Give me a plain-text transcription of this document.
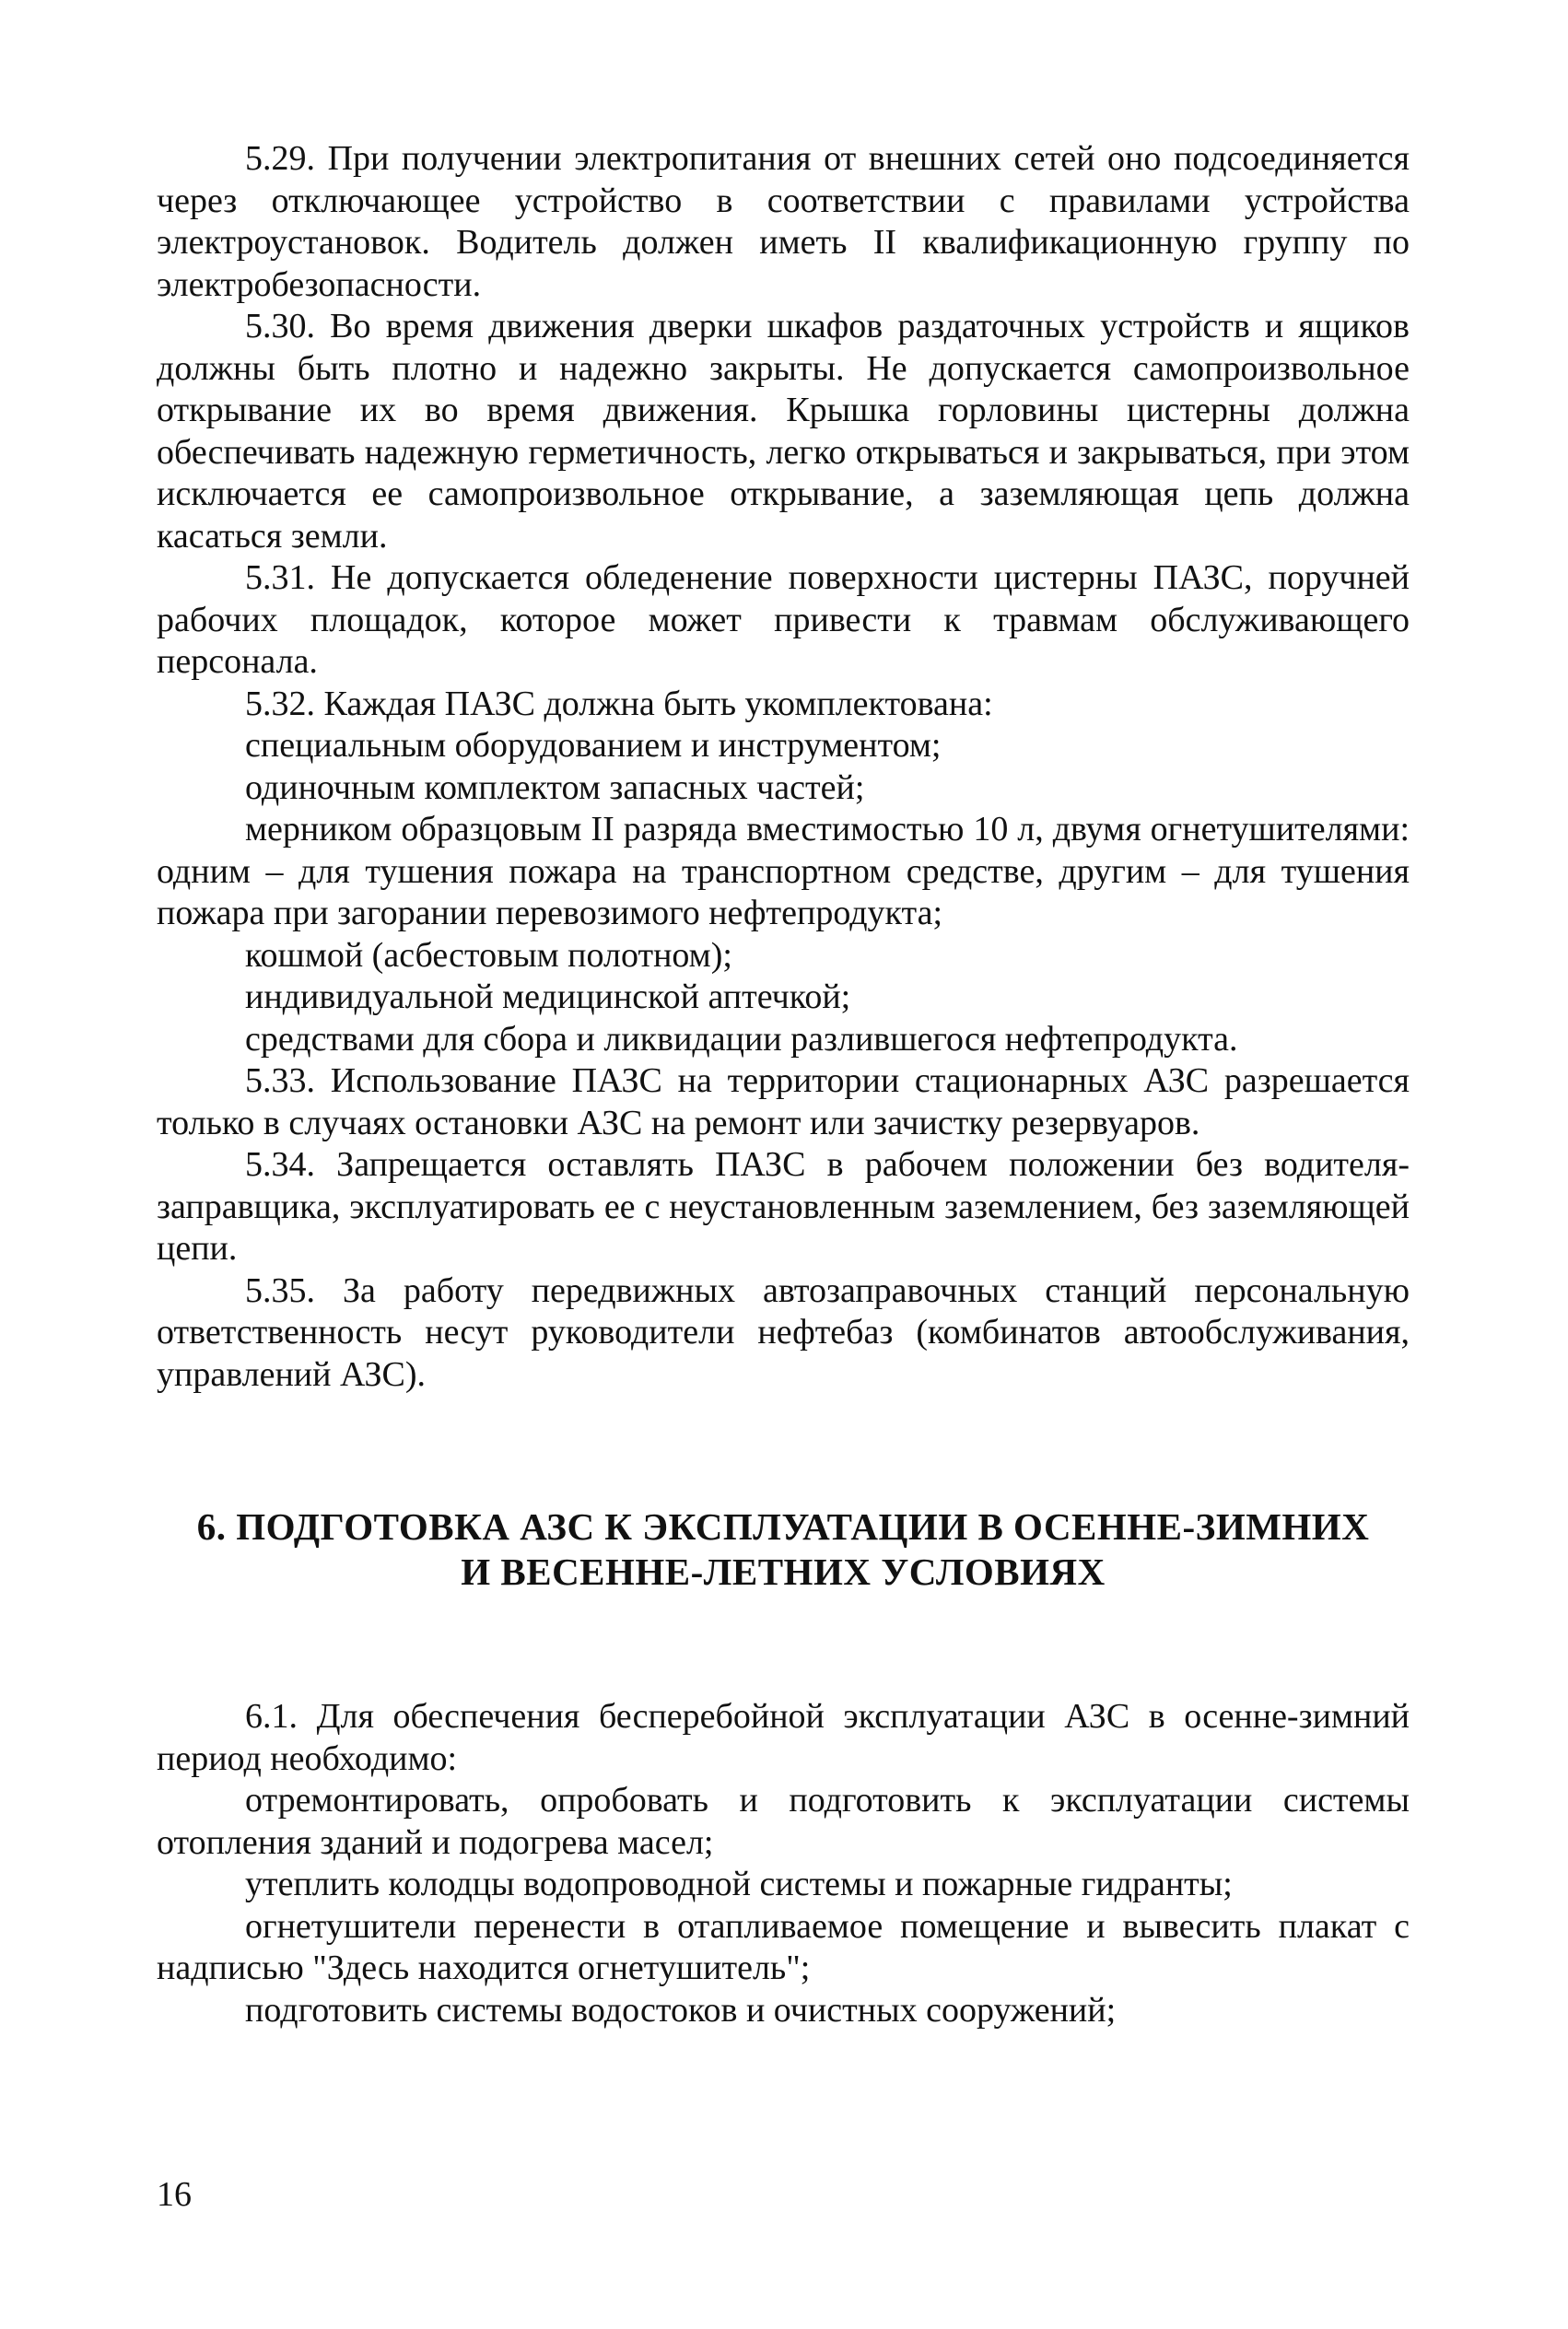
5.29. При получении электропитания от внешних сетей оно подсоединяется через отключающее устройство в соответствии с правилами устройства электроустановок. Водитель должен иметь II квалификационную группу по электробезопасности.

5.30. Во время движения дверки шкафов раздаточных устройств и ящиков должны быть плотно и надежно закрыты. Не допускается самопроизвольное открывание их во время движения. Крышка горловины цистерны должна обеспечивать надежную герметичность, легко открываться и закрываться, при этом исключается ее самопроизвольное открывание, а заземляющая цепь должна касаться земли.

5.31. Не допускается обледенение поверхности цистерны ПАЗС, поручней рабочих площадок, которое может привести к травмам обслуживающего персонала.

5.32. Каждая ПАЗС должна быть укомплектована:

специальным оборудованием и инструментом;

одиночным комплектом запасных частей;

мерником образцовым II разряда вместимостью 10 л, двумя огнетушителями: одним – для тушения пожара на транспортном средстве, другим – для тушения пожара при загорании перевозимого нефтепродукта;

кошмой (асбестовым полотном);

индивидуальной медицинской аптечкой;

средствами для сбора и ликвидации разлившегося нефтепродукта.

5.33. Использование ПАЗС на территории стационарных АЗС разрешается только в случаях остановки АЗС на ремонт или зачистку резервуаров.

5.34. Запрещается оставлять ПАЗС в рабочем положении без водителя-заправщика, эксплуатировать ее с неустановленным заземлением, без заземляющей цепи.

5.35. За работу передвижных автозаправочных станций персональную ответственность несут руководители нефтебаз (комбинатов автообслуживания, управлений АЗС).

6. ПОДГОТОВКА АЗС К ЭКСПЛУАТАЦИИ В ОСЕННЕ-ЗИМНИХ
И ВЕСЕННЕ-ЛЕТНИХ УСЛОВИЯХ

6.1. Для обеспечения бесперебойной эксплуатации АЗС в осенне-зимний период необходимо:

отремонтировать, опробовать и подготовить к эксплуатации системы отопления зданий и подогрева масел;

утеплить колодцы водопроводной системы и пожарные гидранты;

огнетушители перенести в отапливаемое помещение и вывесить плакат с надписью "Здесь находится огнетушитель";

подготовить системы водостоков и очистных сооружений;

16
